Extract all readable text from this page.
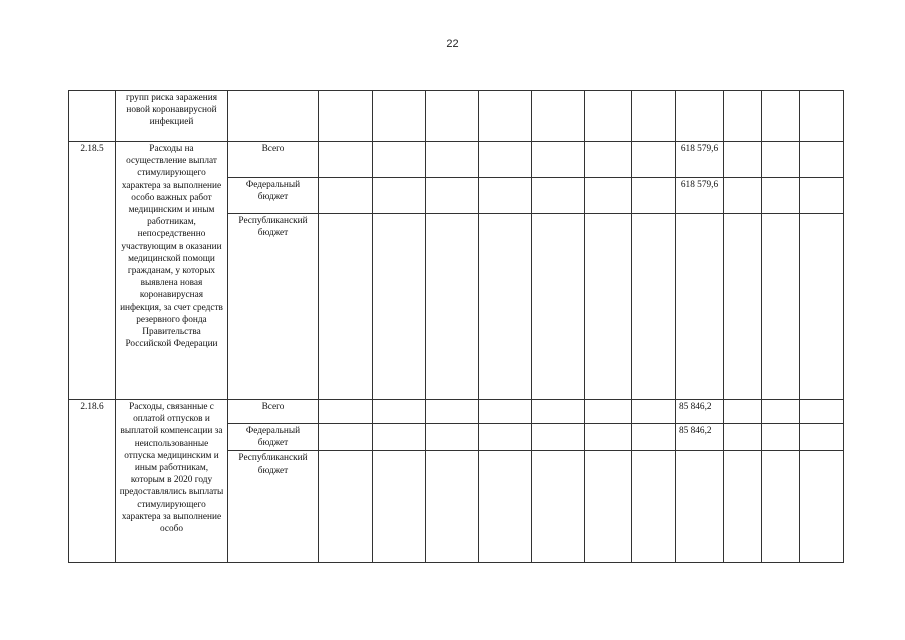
22
	групп риска заражения новой коронавирусной инфекцией												
2.18.5	Расходы на осуществление выплат стимулирующего характера за выполнение особо важных работ медицинским и иным работникам, непосредственно участвующим в оказании медицинской помощи гражданам, у которых выявлена новая коронавирусная инфекция, за счет средств резервного фонда Правительства Российской Федерации	Всего								618 579,6			
		Федеральный бюджет								618 579,6			
		Республиканский бюджет											
2.18.6	Расходы, связанные с оплатой отпусков и выплатой компенсации за неиспользованные отпуска медицинским и иным работникам, которым в 2020 году предоставлялись выплаты стимулирующего характера за выполнение особо	Всего								85 846,2			
		Федеральный бюджет								85 846,2			
		Республиканский бюджет											
